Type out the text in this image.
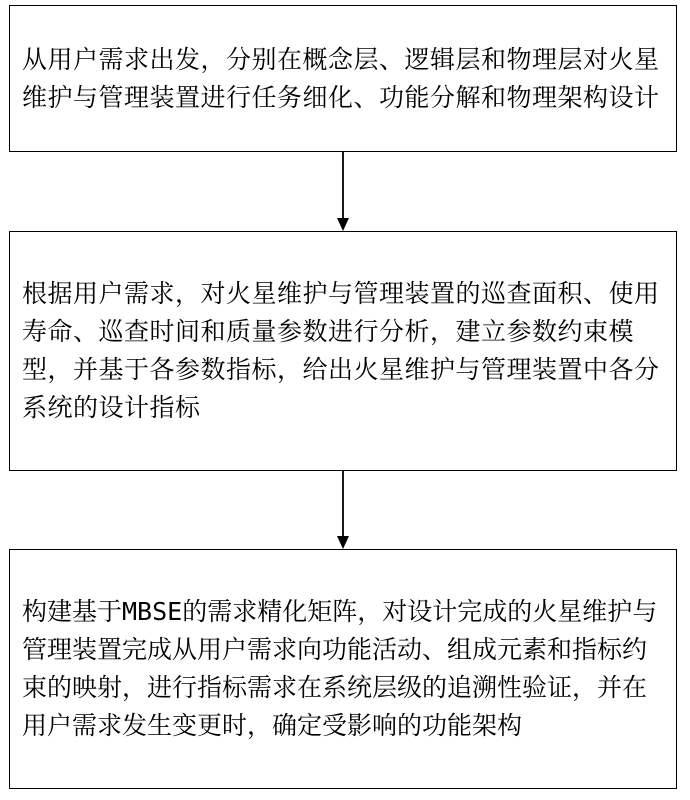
从用户需求出发，分别在概念层、逻辑层和物理层对火星维护与管理装置进行任务细化、功能分解和物理架构设计
根据用户需求，对火星维护与管理装置的巡查面积、使用寿命、巡查时间和质量参数进行分析，建立参数约束模型，并基于各参数指标，给出火星维护与管理装置中各分系统的设计指标
构建基于MBSE的需求精化矩阵，对设计完成的火星维护与管理装置完成从用户需求向功能活动、组成元素和指标约束的映射，进行指标需求在系统层级的追溯性验证，并在用户需求发生变更时，确定受影响的功能架构
